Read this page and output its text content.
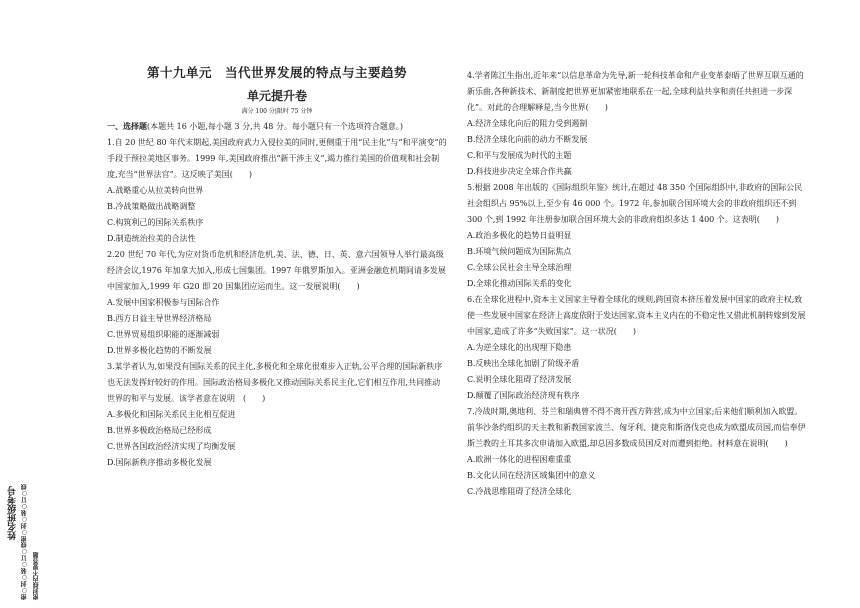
第十九单元　当代世界发展的特点与主要趋势
单元提升卷
满分 100 分|限时 75 分钟
一、选择题(本题共 16 小题,每小题 3 分,共 48 分。每小题只有一个选项符合题意。)

1.自 20 世纪 80 年代末期起,美国政府武力入侵拉美的同时,更侧重于用“民主化”与“和平演变”的手段干预拉美地区事务。1999 年,美国政府推出“新干涉主义”,竭力推行美国的价值观和社会制度,充当“世界法官”。这反映了美国(　　)

A.战略重心从拉美转向世界

B.冷战策略做出战略调整

C.构筑利己的国际关系秩序

D.制造统治拉美的合法性

2.20 世纪 70 年代,为应对货币危机和经济危机,美、法、德、日、英、意六国领导人举行最高级经济会议,1976 年加拿大加入,形成七国集团。1997 年俄罗斯加入。亚洲金融危机期间请多发展中国家加入,1999 年 G20 即 20 国集团应运而生。这一发展说明(　　)

A.发展中国家积极参与国际合作

B.西方日益主导世界经济格局

C.世界贸易组织职能的逐渐减弱

D.世界多极化趋势的不断发展

3.某学者认为,如果没有国际关系的民主化,多极化和全球化很难步入正轨,公平合理的国际新秩序也无法发挥好较好的作用。国际政治格局多极化又推动国际关系民主化,它们相互作用,共同推动世界的和平与发展。该学者意在说明　(　　)

A.多极化和国际关系民主化相互促进

B.世界多极政治格局已经形成

C.世界各国政治经济实现了均衡发展

D.国际新秩序推动多极化发展

4.学者陈江生指出,近年来“以信息革命为先导,新一轮科技革命和产业变革泰晤了世界互联互通的新乐曲,各种新技术、新制度把世界更加紧密地联系在一起,全球利益共享和责任共担进一步深化”。对此的合理解释是,当今世界(　　)

A.经济全球化向后的阻力受到遏制

B.经济全球化向前的动力不断发展

C.和平与发展成为时代的主题

D.科技进步决定全球合作共赢

5.根据 2008 年出版的《国际组织年鉴》统计,在超过 48 350 个国际组织中,非政府的国际公民社会组织占 95%以上,至少有 46 000 个。1972 年,参加联合国环境大会的非政府组织还不到 300 个,到 1992 年注册参加联合国环境大会的非政府组织多达 1 400 个。这表明(　　)

A.政治多极化的趋势日益明显

B.环境气候问题成为国际焦点

C.全球公民社会主导全球治理

D.全球化推动国际关系的变化

6.在全球化进程中,资本主义国家主导着全球化的规则,跨国资本挤压着发展中国家的政府主权,致使一些发展中国家在经济上高度依附于发达国家,资本主义内在的不稳定性又借此机制转嫁到发展中国家,造成了许多“失败国家”。这一状况(　　)

A.为逆全球化的出现埋下隐患

B.反映出全球化加剧了阶级矛盾

C.说明全球化阻碍了经济发展

D.颠覆了国际政治经济现有秩序

7.冷战时期,奥地利、芬兰和瑞典曾不得不离开西方阵营,成为中立国家;后来他们顺利加入欧盟。前华沙条约组织的天主教和新教国家波兰、匈牙利、捷克和斯洛伐克也成为欧盟成员国,而信奉伊斯兰教的土耳其多次申请加入欧盟,却总因多数成员国反对而遭到拒绝。材料意在说明(　　)

A.欧洲一体化的进程困难重重

B.文化认同在经济区域集团中的意义

C.冷战思维阻碍了经济全球化

姓名班级考号 密○封○装○订○线密○封○装○订○线 密封线内不要答题
